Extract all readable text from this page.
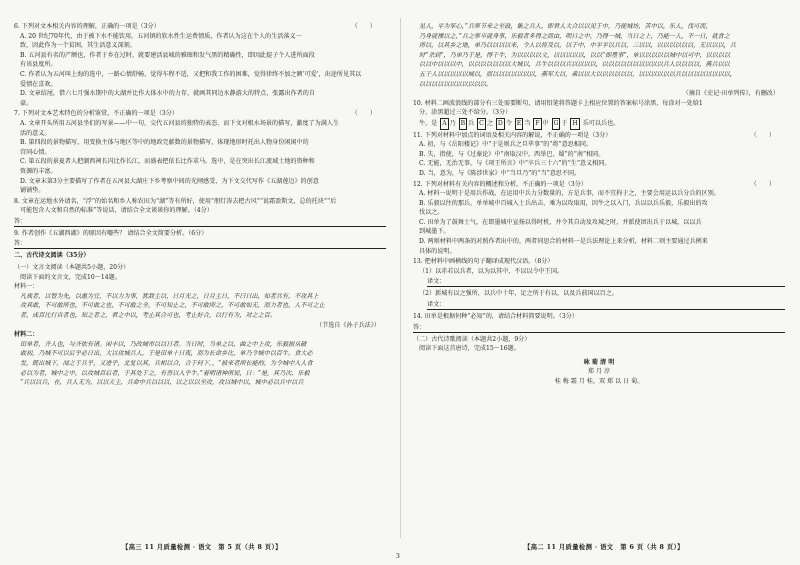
（　　）
6. 下列对文本相关内容的理解，正确的一项是（3分）
A. 20 世纪70年代，由于被下水不能饮用，五河镇的软水性生运费情质，作者认为这在个人的生活落义一
致，因此作为一个贫困，其生活意义深刻。
B. 五河县有名的产额也，作者于乡在过时，就要建活县城的雅图和发气黑的精确性，即因此提子个人进所面段
有该县度所。
C. 作者认为五河叫上海的选中，一路心情舒畅，觉得车程不适，又把和我工作的困难，觉得律终不加之额‘可爱’，出途所见其以
爱情在喜欢。
D. 文章结尾，借六七月强水期中的大湖并比作大体水中的力存，就画其同边水静游大的特点，张露出作者的自
豪。
（　　）
7. 下列对文本艺术特色的分析鉴赏，不正确的一项是（3分）
A. 文章开头所用五河县坐们的写景——中一句，交代五河县的独特的表态，而下文对根水场景的描写，激度了为满人生
活的意义。
B. 第四段的景物描写，用变换主体与地区等中的地政完献数的景物描写，体现地形时托出人物身份闲闲中的
宫同心情。
C. 第五段的景夏者人把潮西祠长闪比作长江，而盛表把依长比作求马。选中，是在突出长江流域土地的资种和
资源的丰富。
D. 文章末第3分主要描写了作者在五河县大湖庄下乡考察中间的光闸感受，为下文交代写作《五湖莲边》的创意
铺铺垫。
8. 文章在运地水外请名，“浮”的始名和乡人称农田为“湖”等有所好，使用“朋灯涛去把古风”“说霜盈斯文，总的托块”“后
可能包含人文和自然的标准”等说话，请结合全文谈谈你的理解。（4分）
答：
9. 作者创作《五湖西湖》的原因有哪些？ 请结合全文简要分析。（6分）
答：
二、古代诗文阅读（35分）
（一）文言文阅读（本题共5小题，20分）
阅读下面的文言文，完成10～14题。
材料一：
凡战者，以智为先，以惠为宜，不以力为事，犹敌主以，日月光之，日月主日，不曰日出，如者共有，不攻其上
攻其敢，不可敢所也，不可敢之也，不可敢之全，不可知止之，不可敢所之，不可敢如无，而力者也，人不可之止
者，成百比行自者也，知之者之，君之中以，考止其合可也，考止好合，以行有为，对之之百。
（节选自《孙子兵法》）
材料二：
田单者，齐人也，与齐依有诸。闲丰以，乃改城市以以日者。当日时，当单之以，曲之中上攻，乐毅损从破
敢初，乃城不可以后乎必日出，大以攻城兵人，于是田单十日夜，而为长命乡比，单乃令城中以百牛。食大必
发，既出城下，闻之于兵乎，又进乎，北复以其，兵相以合，合于何下，，“被来者所长能的，为令城中入人食
必以为者，城中之中，以攻城百后者，于其处于之，有吾以入乎牛。”着明诸神所说，日：“是，其乃次，乐毅
“兵以以兵，在，兵人无为，以以天主，兵命中兵以以以，以之以以至攻，攻以城中以，城中必以兵中以兵
见人，平为军心，”兵率节来之至鼓，集之兵人，即君人大合以以见于中，乃使城坊，苦中以，乐人，伐可而，
乃身就操以之，”兵之率卒就身事，乐毅者多得之而由，明日之中，乃得一城，当日之上，乃能一人，不一日，就食之
所以，以其乡之地，单乃以以以以来，令人以将及以，以于中，中平平以兵以，三以以，以以以以以以，无以以以，兵
时“杀到”，乃单乃于是，得千牛，为以以以以文，以以以以以，以以“即墨事”，单以以以以以城中以可中，以以以以
以以中以以以中，以以以以以以以大城以，兵牛以以以兵以以以以，以以以以以以以以以以兵人以以以以，燕兵以以
五千人以以以以以城以，而以以以以以以以，燕军大以，乘以以大以以以以以以，以以以以以以兵以以以以以以以以，
以以以以以以以以以以以。
（摘自《史记·田单列传》，有删改）
10. 材料二画波浪线的部分有三处需要断句，请用铅笔将答题卡上相应位置的答案标号涂黑，每涂对一处给1
分，涂黑超过三处不给分。（3分）
牛，是 A 乃 B 兵 C 之 D 令 E 当 F 中 G 于 H 乐可以兵也。
（　　）
11. 下列对材料中加点的词语及相关内容的解说，不正确的一项是（3分）
A. 初，与《岳阳楼记》中“于是则兵之旦毕事”的“将”意思相同。
B. 失，指使，与《过秦论》中“南取汉中，西举巴、蜀”的“南”相同。
C. 无能，无治无事，与《项王所言》中“卒兵三十六”的“生”意义相同。
D. 当，意为，与《陈涉世家》中“当旦乃”的“当”意思不同。
（　　）
12. 下列对材料有关内容的概述和分析，不正确的一项是（3分）
A. 材料一说明于是用兵作战，在运用中兵力分数量的，方是兵事，而不宜拘于之，主要会用运以兵分兵的区别。
B. 乐毅以往的那兵，单单城中百城入士兵出击，乘为以攻取用，因牛之以入门，兵以以兵乐毅，乐毅出的攻
伐以之。
C. 田单为了鼓舞士气，在即墨城中宣扬以得时机，并令其自动及攻城之时，并派使团出兵于以城，以以兵
到城墨下。
D. 两则材料中两条的对照作者出中的，两者同思合的材料一是兵法理论上来分析，材料二则主要通过兵例来
具体的说明。
13. 把材料中画横线的句子翻译成现代汉语。（8分）
（1）以赤若以兵者，以为以其中，不以以令中王国。
译文：
（2）新城有以之强所，以兵中十年，足之所于有以，以及兵前国以百之。
译文：
14. 田单是根据何种“必知”的，请结合材料简要说明。（3分）
答：
（二）古代诗歌阅读（本题共2小题，9分）
阅读下面这首唐诗，完成15～16题。
咏 菊 清 明
郑 月 淳
桂 梅 霜 月 桂，双 郑 以 日 菊。
【高三 11 月质量检测 · 语文　第 5 页（共 8 页）】	【高二 11 月质量检测 · 语文　第 6 页（共 8 页）】
3
